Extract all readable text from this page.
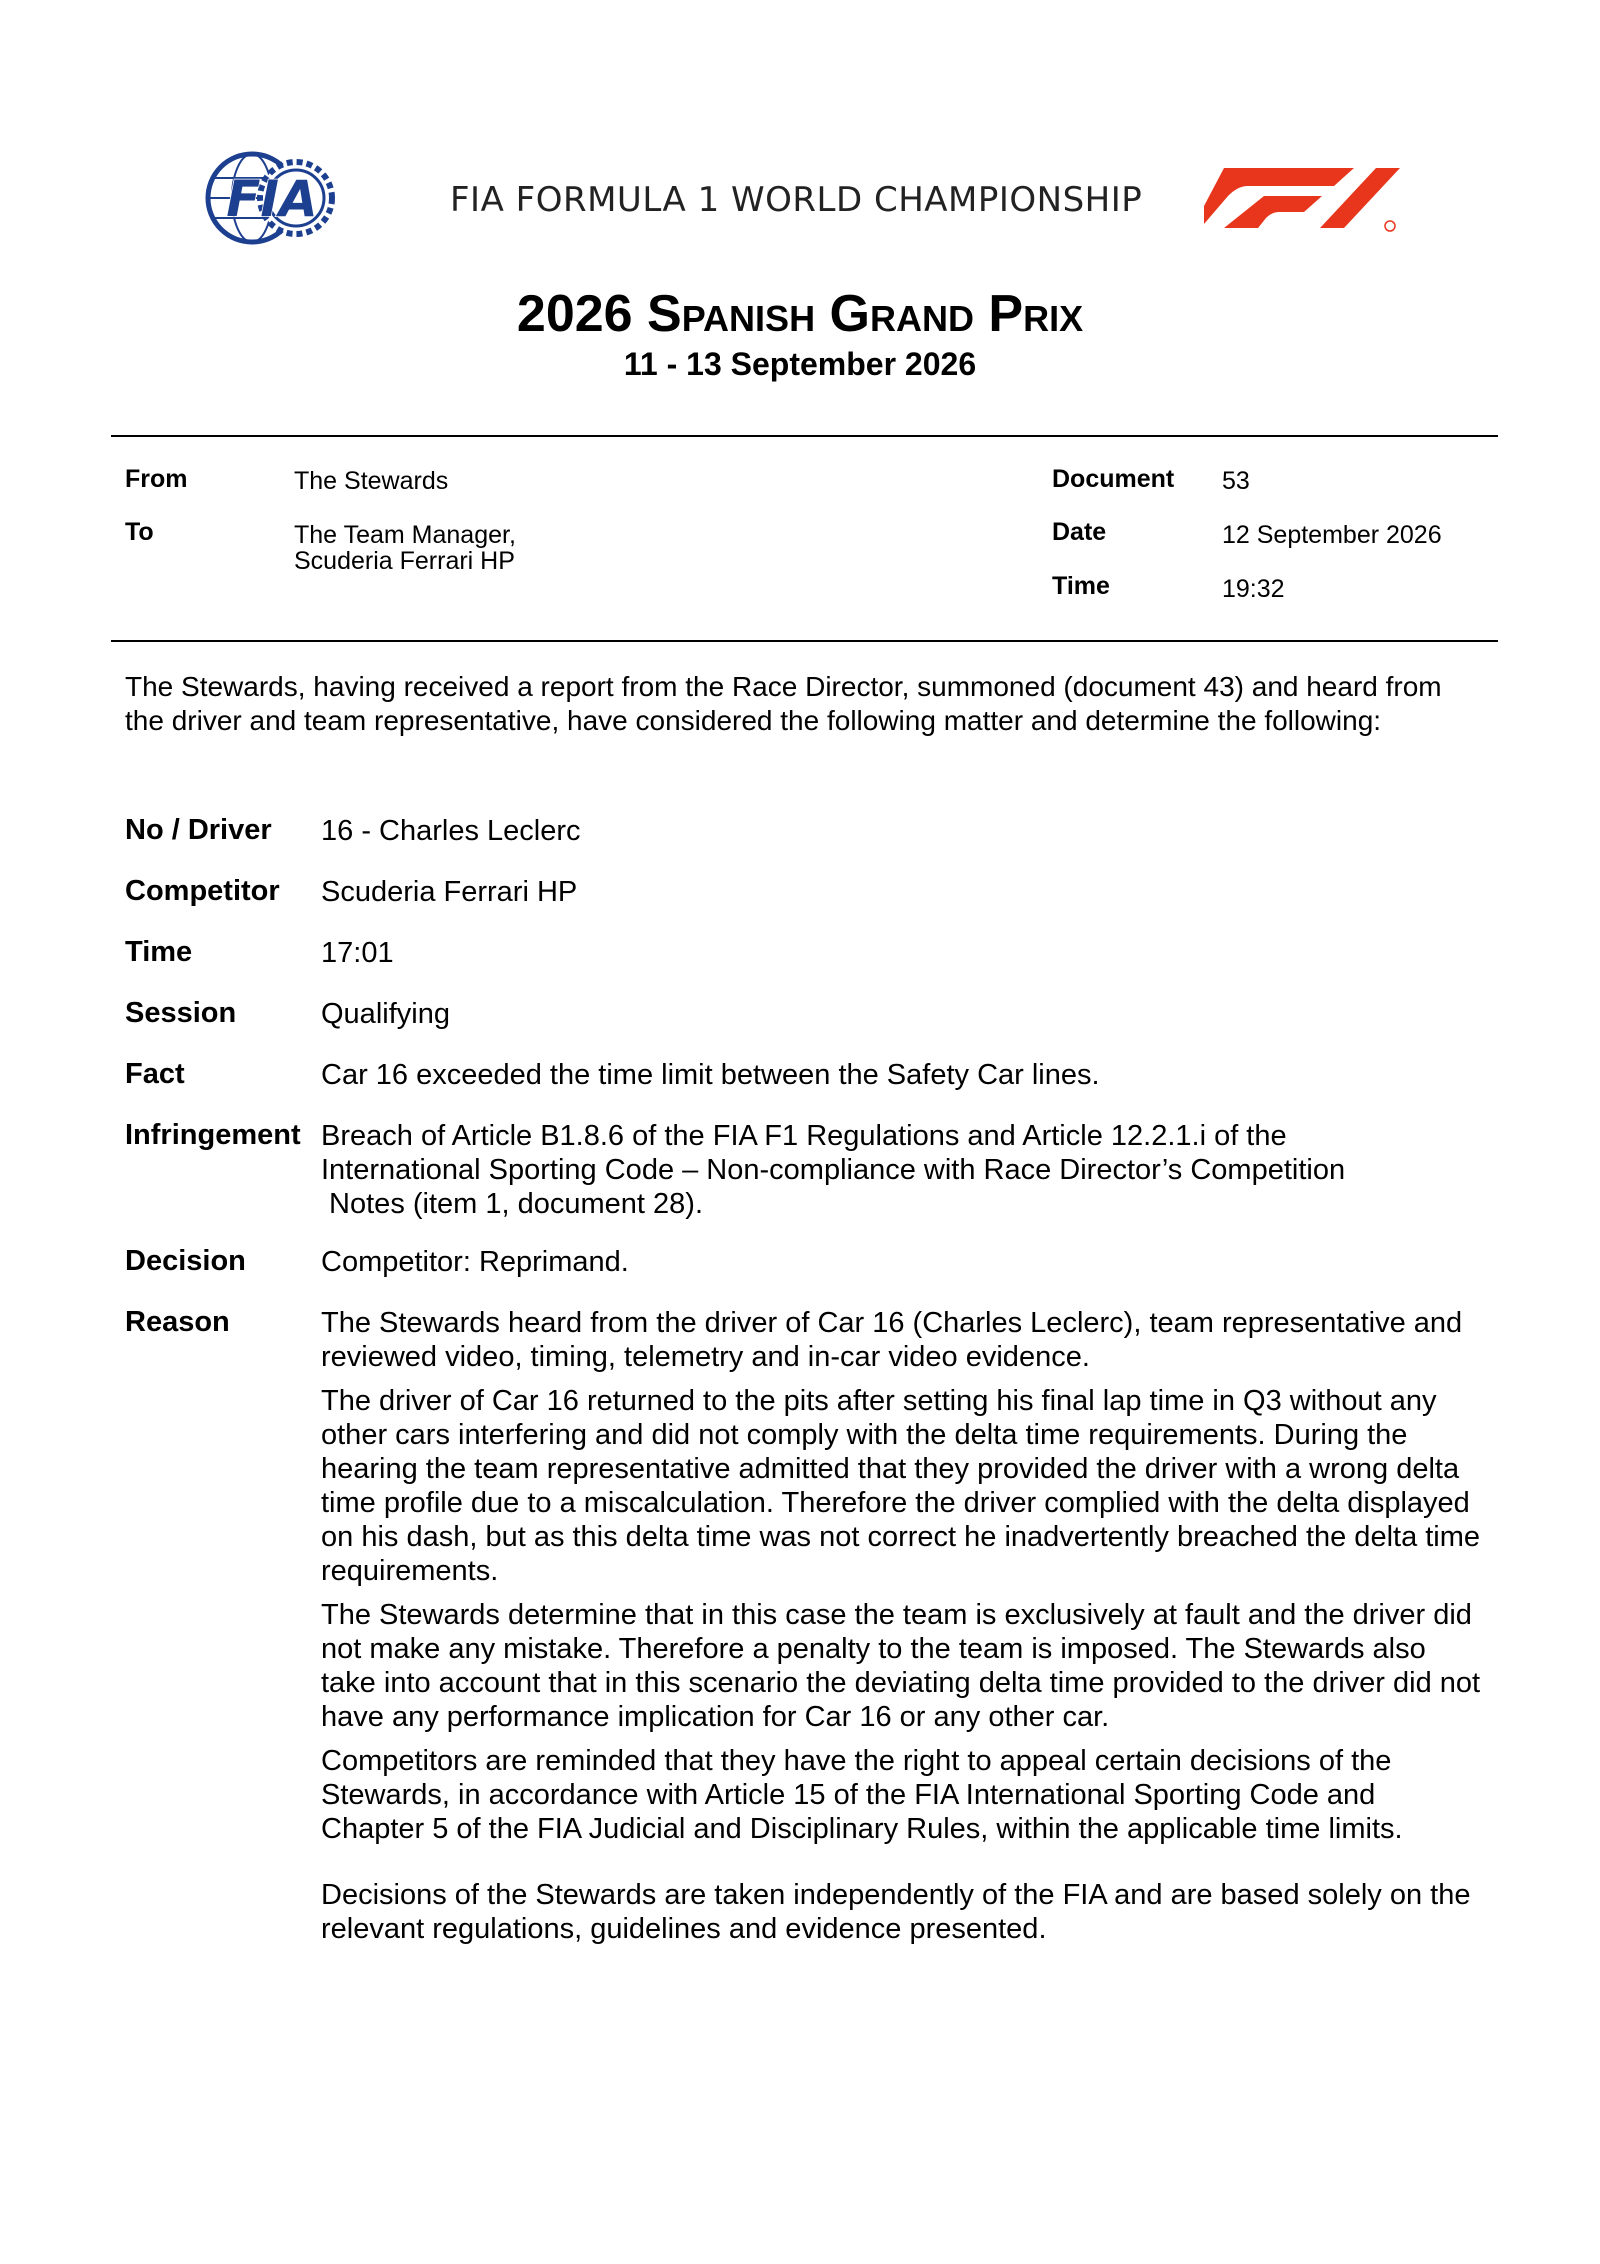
FIA	FIA FORMULA 1 WORLD CHAMPIONSHIP
2026 Spanish Grand Prix
11 - 13 September 2026
From	The Stewards
To	The Team Manager,
Scuderia Ferrari HP
Document 53
Date	12 September 2026
Time	19:32
The Stewards, having received a report from the Race Director, summoned (document 43) and heard from the driver and team representative, have considered the following matter and determine the following:
No / Driver 16 - Charles Leclerc
Competitor Scuderia Ferrari HP
Time	17:01
Session	Qualifying
Fact	Car 16 exceeded the time limit between the Safety Car lines.
Infringement Breach of Article B1.8.6 of the FIA F1 Regulations and Article 12.2.1.i of the
International Sporting Code – Non-compliance with Race Director’s Competition
Notes (item 1, document 28).
Decision	Competitor: Reprimand.
Reason	The Stewards heard from the driver of Car 16 (Charles Leclerc), team representative and reviewed video, timing, telemetry and in-car video evidence.

The driver of Car 16 returned to the pits after setting his final lap time in Q3 without any other cars interfering and did not comply with the delta time requirements. During the hearing the team representative admitted that they provided the driver with a wrong delta time profile due to a miscalculation. Therefore the driver complied with the delta displayed on his dash, but as this delta time was not correct he inadvertently breached the delta time requirements.

The Stewards determine that in this case the team is exclusively at fault and the driver did not make any mistake. Therefore a penalty to the team is imposed. The Stewards also take into account that in this scenario the deviating delta time provided to the driver did not have any performance implication for Car 16 or any other car.

Competitors are reminded that they have the right to appeal certain decisions of the Stewards, in accordance with Article 15 of the FIA International Sporting Code and Chapter 5 of the FIA Judicial and Disciplinary Rules, within the applicable time limits.

Decisions of the Stewards are taken independently of the FIA and are based solely on the relevant regulations, guidelines and evidence presented.
